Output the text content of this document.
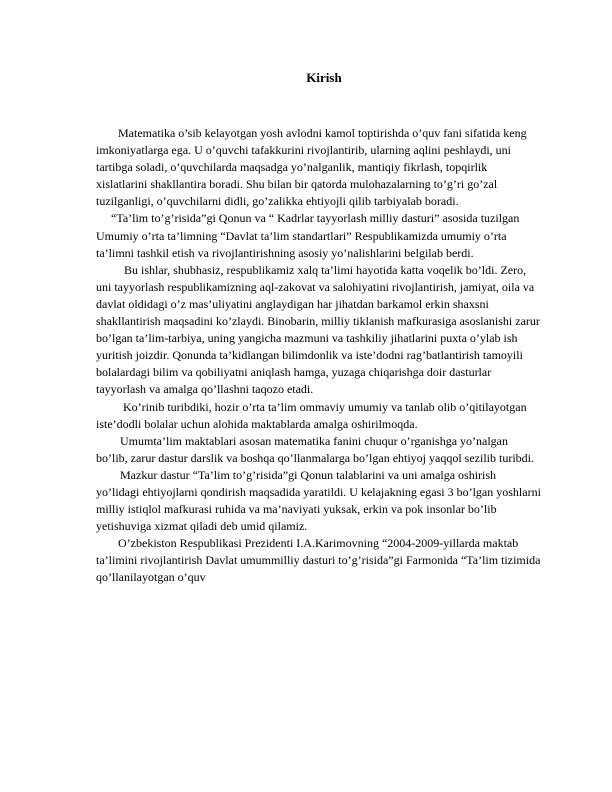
Kirish

Matematika o’sib kelayotgan yosh avlodni kamol toptirishda o’quv fani sifatida keng imkoniyatlarga ega. U o’quvchi tafakkurini rivojlantirib, ularning aqlini peshlaydi, uni tartibga soladi, o’quvchilarda maqsadga yo’nalganlik, mantiqiy fikrlash, topqirlik xislatlarini shakllantira boradi. Shu bilan bir qatorda mulohazalarning to’g’ri go’zal tuzilganligi, o’quvchilarni didli, go’zalikka ehtiyojli qilib tarbiyalab boradi.

“Ta’lim to’g’risida”gi Qonun va “ Kadrlar tayyorlash milliy dasturi” asosida tuzilgan Umumiy o’rta ta’limning “Davlat ta’lim standartlari” Respublikamizda umumiy o’rta ta’limni tashkil etish va rivojlantirishning asosiy yo’nalishlarini belgilab berdi.

Bu ishlar, shubhasiz, respublikamiz xalq ta’limi hayotida katta voqelik bo’ldi. Zero, uni tayyorlash respublikamizning aql-zakovat va salohiyatini rivojlantirish, jamiyat, oila va davlat oldidagi o’z mas’uliyatini anglaydigan har jihatdan barkamol erkin shaxsni shakllantirish maqsadini ko’zlaydi. Binobarin, milliy tiklanish mafkurasiga asoslanishi zarur bo’lgan ta’lim-tarbiya, uning yangicha mazmuni va tashkiliy jihatlarini puxta o’ylab ish yuritish joizdir. Qonunda ta’kidlangan bilimdonlik va iste’dodni rag’batlantirish tamoyili bolalardagi bilim va qobiliyatni aniqlash hamga, yuzaga chiqarishga doir dasturlar tayyorlash va amalga qo’llashni taqozo etadi.

Ko’rinib turibdiki, hozir o’rta ta’lim ommaviy umumiy va tanlab olib o’qitilayotgan iste’dodli bolalar uchun alohida maktablarda amalga oshirilmoqda.

Umumta’lim maktablari asosan matematika fanini chuqur o’rganishga yo’nalgan bo’lib, zarur dastur darslik va boshqa qo’llanmalarga bo’lgan ehtiyoj yaqqol sezilib turibdi.

Mazkur dastur “Ta’lim to’g’risida”gi Qonun talablarini va uni amalga oshirish yo’lidagi ehtiyojlarni qondirish maqsadida yaratildi. U kelajakning egasi 3 bo’lgan yoshlarni milliy istiqlol mafkurasi ruhida va ma’naviyati yuksak, erkin va pok insonlar bo’lib yetishuviga xizmat qiladi deb umid qilamiz.

O’zbekiston Respublikasi Prezidenti I.A.Karimovning “2004-2009-yillarda maktab ta’limini rivojlantirish Davlat umummilliy dasturi to’g’risida”gi Farmonida “Ta’lim tizimida qo’llanilayotgan o’quv
